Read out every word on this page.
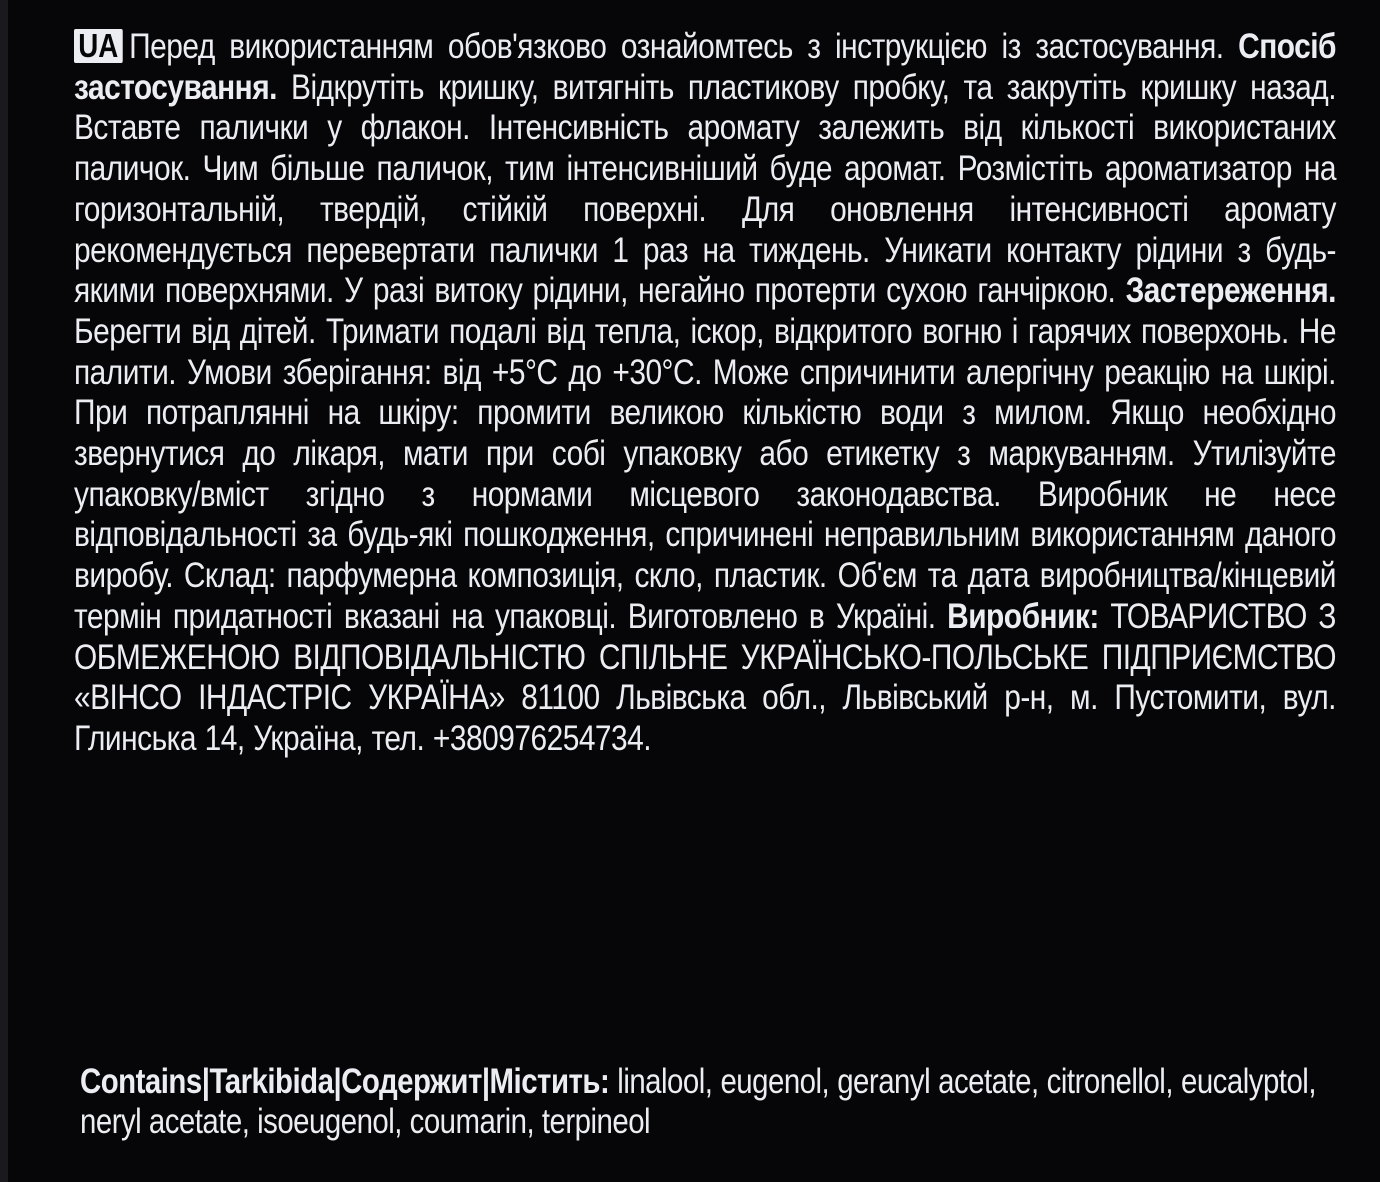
UA Перед використанням обов'язково ознайомтесь з інструкцією із застосування. Спосіб застосування. Відкрутіть кришку, витягніть пластикову пробку, та закрутіть кришку назад. Вставте палички у флакон. Інтенсивність аромату залежить від кількості використаних паличок. Чим більше паличок, тим інтенсивніший буде аромат. Розмістіть ароматизатор на горизонтальній, твердій, стійкій поверхні. Для оновлення інтенсивності аромату рекомендується перевертати палички 1 раз на тиждень. Уникати контакту рідини з будь-якими поверхнями. У разі витоку рідини, негайно протерти сухою ганчіркою. Застереження. Берегти від дітей. Тримати подалі від тепла, іскор, відкритого вогню і гарячих поверхонь. Не палити. Умови зберігання: від +5°C до +30°C. Може спричинити алергічну реакцію на шкірі. При потраплянні на шкіру: промити великою кількістю води з милом. Якщо необхідно звернутися до лікаря, мати при собі упаковку або етикетку з маркуванням. Утилізуйте упаковку/вміст згідно з нормами місцевого законодавства. Виробник не несе відповідальності за будь-які пошкодження, спричинені неправильним використанням даного виробу. Склад: парфумерна композиція, скло, пластик. Об'єм та дата виробництва/кінцевий термін придатності вказані на упаковці. Виготовлено в Україні. Виробник: ТОВАРИСТВО З ОБМЕЖЕНОЮ ВІДПОВІДАЛЬНІСТЮ СПІЛЬНЕ УКРАЇНСЬКО-ПОЛЬСЬКЕ ПІДПРИЄМСТВО «ВІНСО ІНДАСТРІС УКРАЇНА» 81100 Львівська обл., Львівський р-н, м. Пустомити, вул. Глинська 14, Україна, тел. +380976254734.
Contains|Tarkibida|Содержит|Містить: linalool, eugenol, geranyl acetate, citronellol, eucalyptol, neryl acetate, isoeugenol, coumarin, terpineol
